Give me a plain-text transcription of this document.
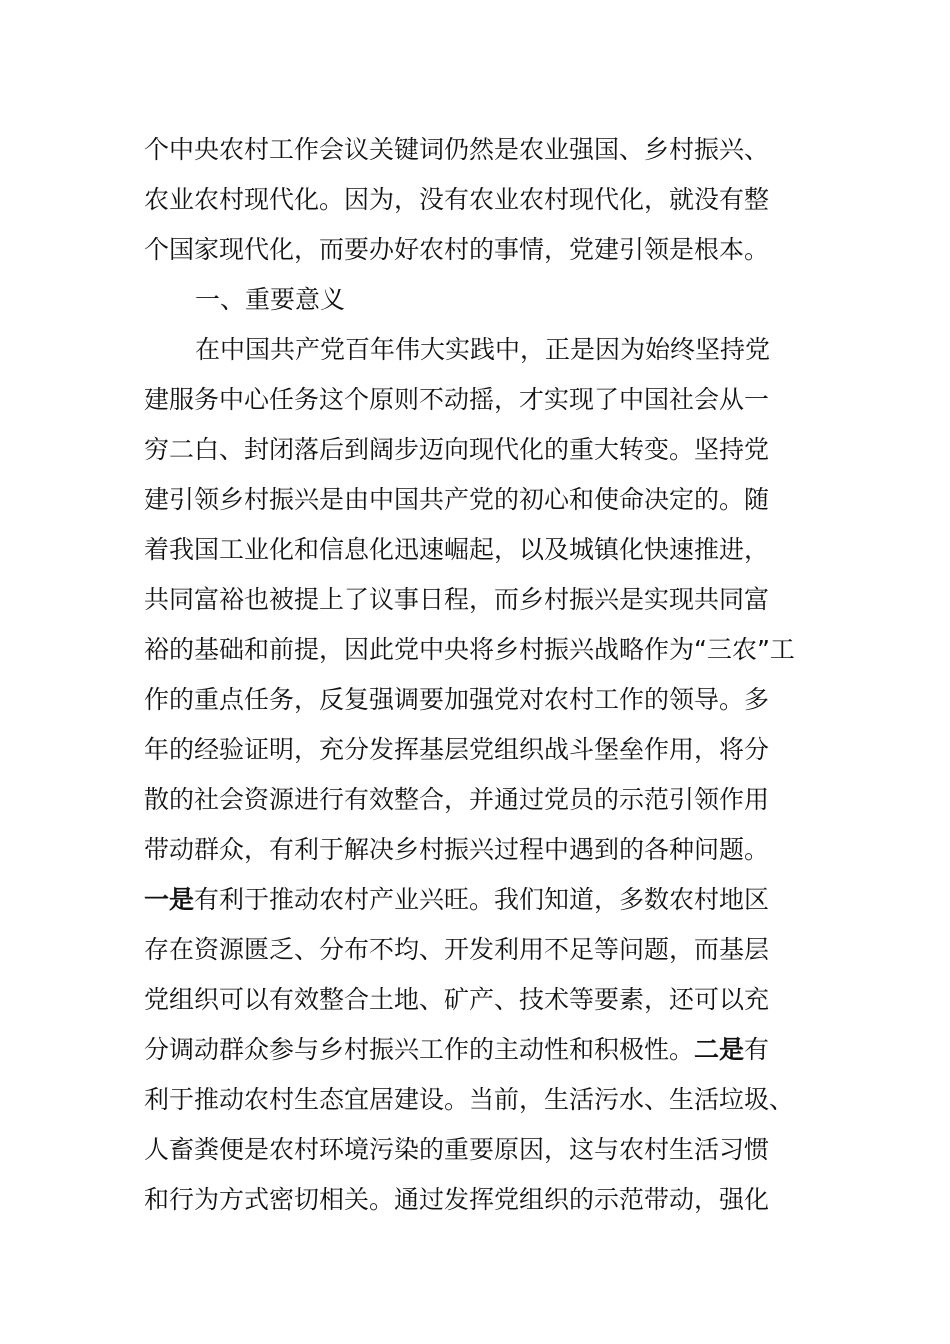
个中央农村工作会议关键词仍然是农业强国、乡村振兴、
农业农村现代化。因为，没有农业农村现代化，就没有整
个国家现代化，而要办好农村的事情，党建引领是根本。
一、重要意义
在中国共产党百年伟大实践中，正是因为始终坚持党
建服务中心任务这个原则不动摇，才实现了中国社会从一
穷二白、封闭落后到阔步迈向现代化的重大转变。坚持党
建引领乡村振兴是由中国共产党的初心和使命决定的。随
着我国工业化和信息化迅速崛起，以及城镇化快速推进，
共同富裕也被提上了议事日程，而乡村振兴是实现共同富
裕的基础和前提，因此党中央将乡村振兴战略作为“三农”工
作的重点任务，反复强调要加强党对农村工作的领导。多
年的经验证明，充分发挥基层党组织战斗堡垒作用，将分
散的社会资源进行有效整合，并通过党员的示范引领作用
带动群众，有利于解决乡村振兴过程中遇到的各种问题。
一是有利于推动农村产业兴旺。我们知道，多数农村地区
存在资源匮乏、分布不均、开发利用不足等问题，而基层
党组织可以有效整合土地、矿产、技术等要素，还可以充
分调动群众参与乡村振兴工作的主动性和积极性。二是有
利于推动农村生态宜居建设。当前，生活污水、生活垃圾、
人畜粪便是农村环境污染的重要原因，这与农村生活习惯
和行为方式密切相关。通过发挥党组织的示范带动，强化
